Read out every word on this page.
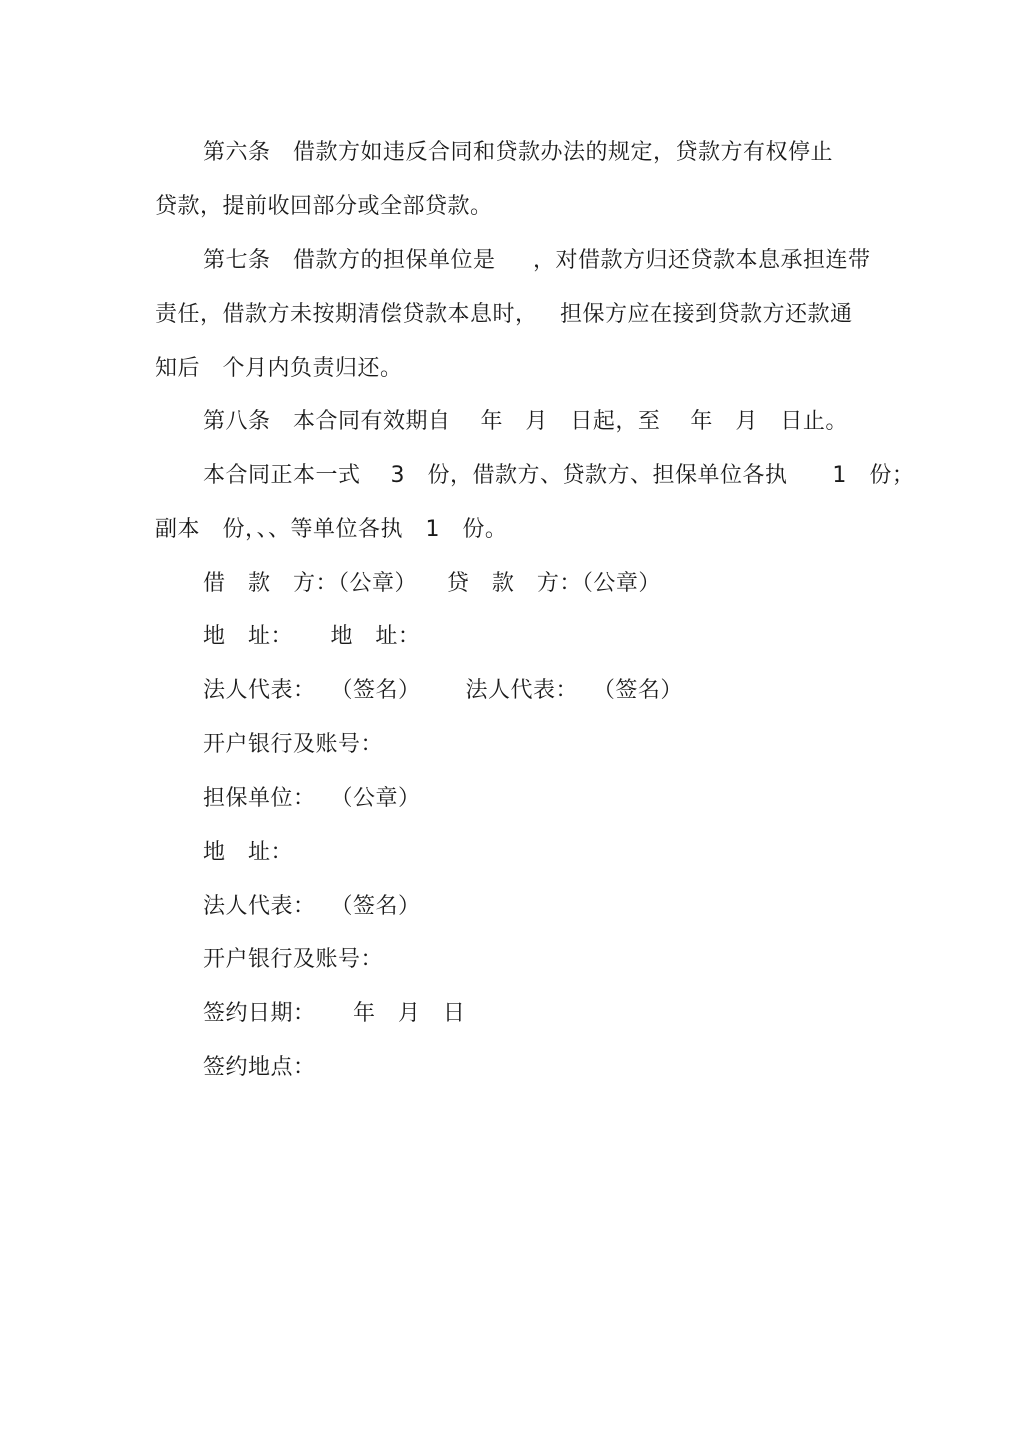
第六条   借款方如违反合同和贷款办法的规定，贷款方有权停止
贷款，提前收回部分或全部贷款。
第七条   借款方的担保单位是     ，对借款方归还贷款本息承担连带
责任，借款方未按期清偿贷款本息时，   担保方应在接到贷款方还款通
知后   个月内负责归还。
第八条   本合同有效期自    年   月   日起，至    年   月   日止。
本合同正本一式    3   份，借款方、贷款方、担保单位各执      1   份；
副本   份，、、等单位各执   1   份。
借   款   方：（公章）    贷   款   方：（公章）
地   址：     地   址：
法人代表：  （签名）      法人代表：  （签名）
开户银行及账号：
担保单位：  （公章）
地   址：
法人代表：  （签名）
开户银行及账号：
签约日期：     年   月   日
签约地点：
